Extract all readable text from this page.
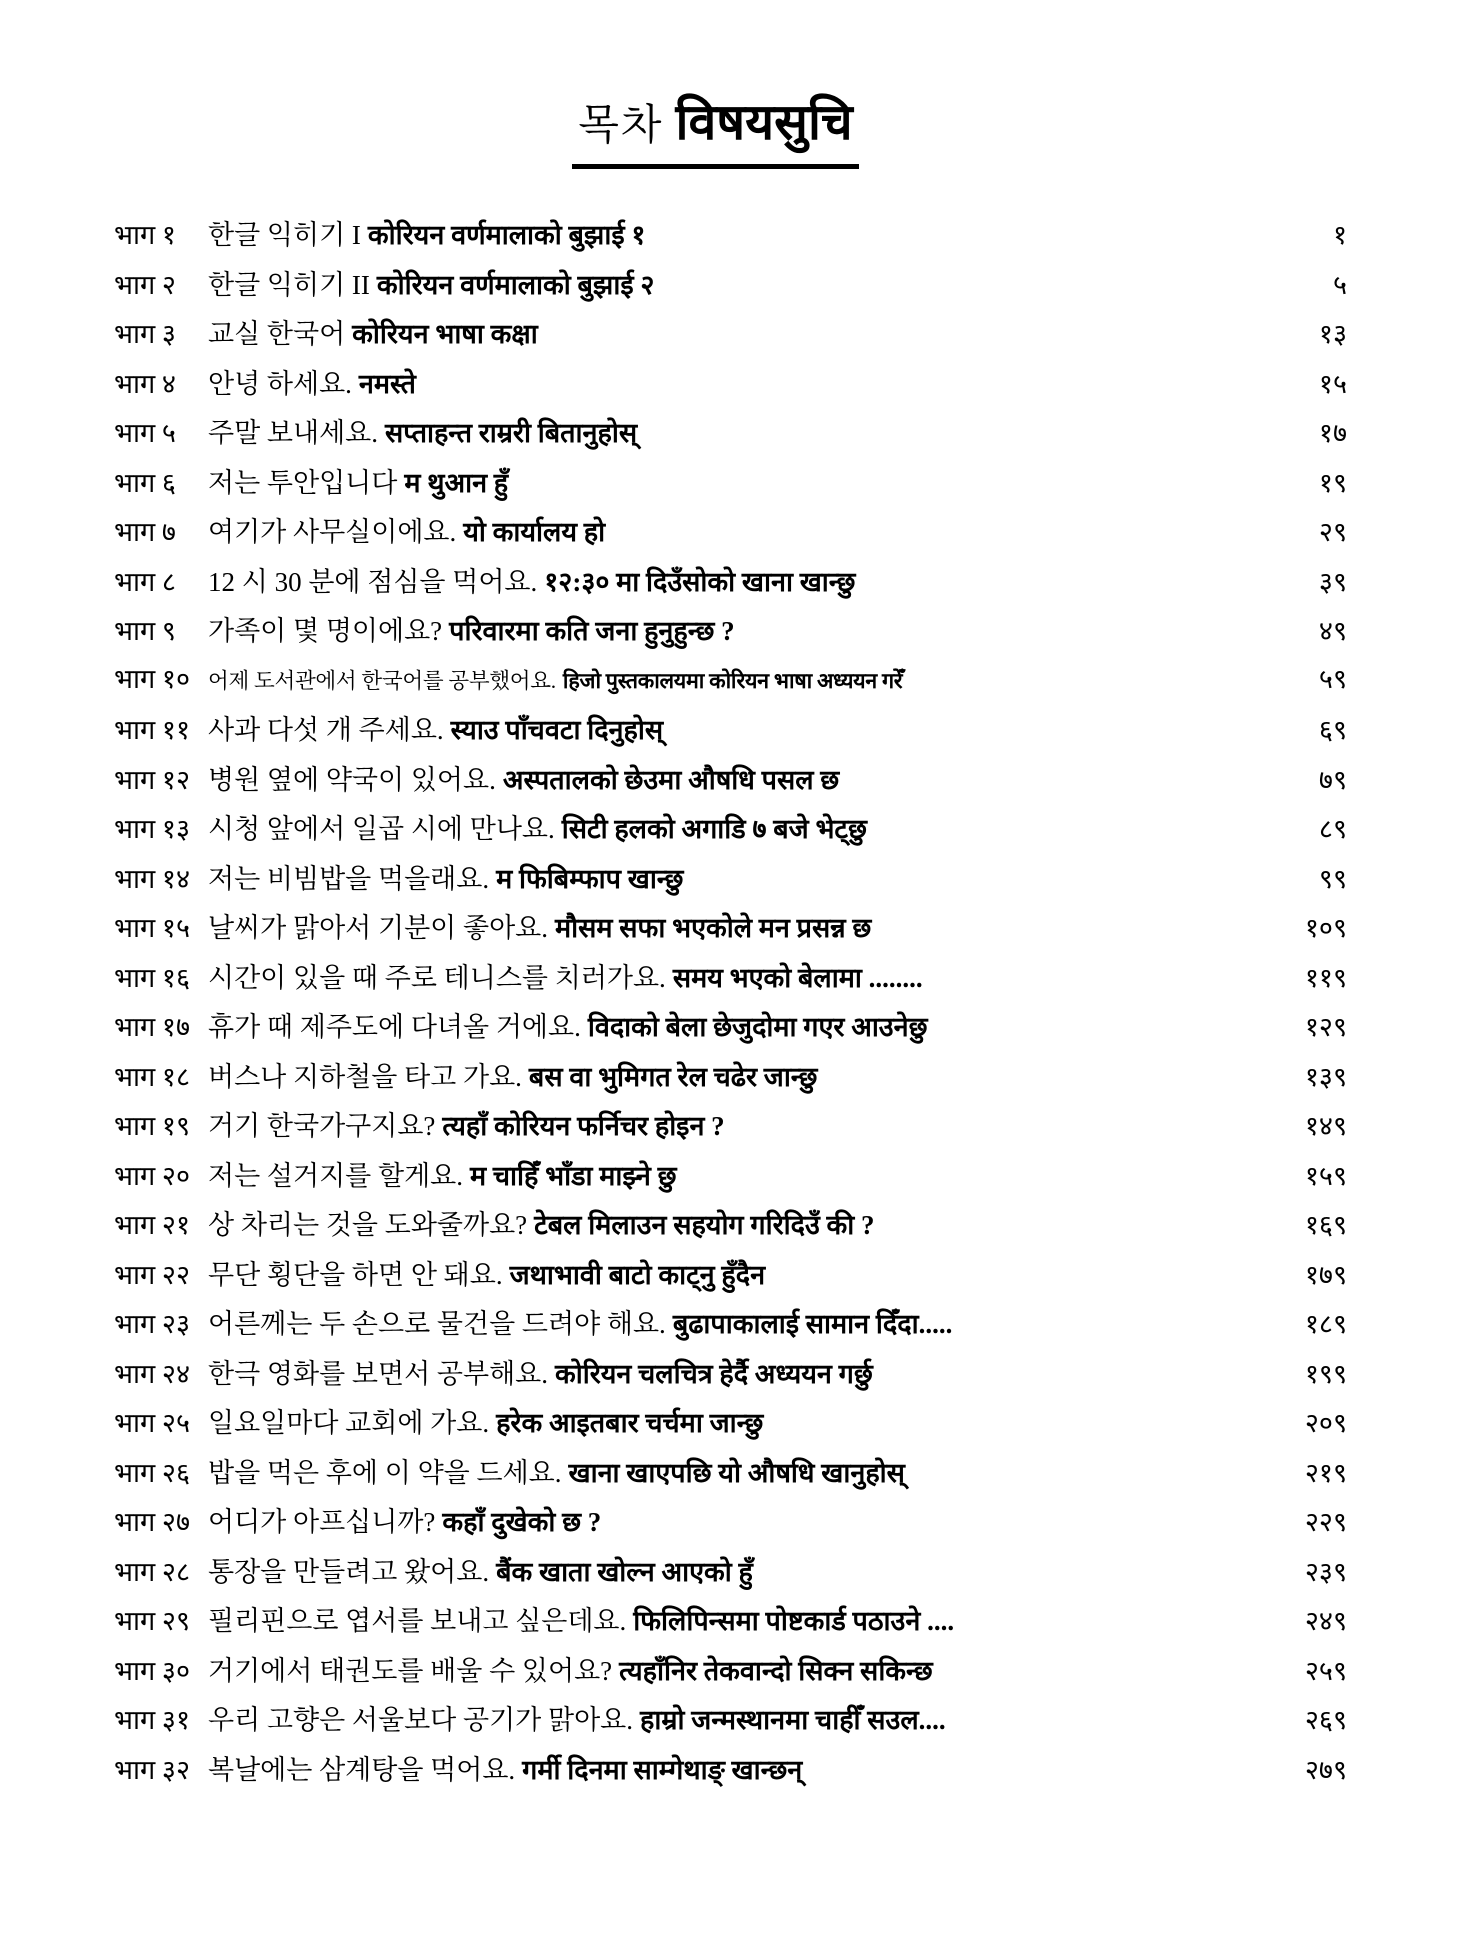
목차 विषयसुचि
भाग १	한글 익히기 I कोरियन वर्णमालाको बुझाई १	१
भाग २	한글 익히기 II कोरियन वर्णमालाको बुझाई २	५
भाग ३	교실 한국어 कोरियन भाषा कक्षा	१३
भाग ४	안녕 하세요. नमस्ते	१५
भाग ५	주말 보내세요. सप्ताहन्त राम्ररी बितानुहोस्	१७
भाग ६	저는 투안입니다 म थुआन हुँ	१९
भाग ७	여기가 사무실이에요. यो कार्यालय हो	२९
भाग ८	12 시 30 분에 점심을 먹어요. १२:३० मा दिउँसोको खाना खान्छु	३९
भाग ९	가족이 몇 명이에요? परिवारमा कति जना हुनुहुन्छ ?	४९
भाग १० 어제 도서관에서 한국어를 공부했어요. हिजो पुस्तकालयमा कोरियन भाषा अध्ययन गरेँ	५९
भाग ११ 사과 다섯 개 주세요. स्याउ पाँचवटा दिनुहोस्	६९
भाग १२ 병원 옆에 약국이 있어요. अस्पतालको छेउमा औषधि पसल छ	७९
भाग १३ 시청 앞에서 일곱 시에 만나요. सिटी हलको अगाडि ७ बजे भेट्छु	८९
भाग १४ 저는 비빔밥을 먹을래요. म फिबिम्फाप खान्छु	९९
भाग १५ 날씨가 맑아서 기분이 좋아요. मौसम सफा भएकोले मन प्रसन्न छ	१०९
भाग १६ 시간이 있을 때 주로 테니스를 치러가요. समय भएको बेलामा ........	११९
भाग १७ 휴가 때 제주도에 다녀올 거에요. विदाको बेला छेजुदोमा गएर आउनेछु	१२९
भाग १८ 버스나 지하철을 타고 가요. बस वा भुमिगत रेल चढेर जान्छु	१३९
भाग १९ 거기 한국가구지요? त्यहाँ कोरियन फर्निचर होइन ?	१४९
भाग २० 저는 설거지를 할게요. म चाहिँ भाँडा माझ्ने छु	१५९
भाग २१ 상 차리는 것을 도와줄까요? टेबल मिलाउन सहयोग गरिदिउँ की ?	१६९
भाग २२ 무단 횡단을 하면 안 돼요. जथाभावी बाटो काट्नु हुँदैन	१७९
भाग २३ 어른께는 두 손으로 물건을 드려야 해요. बुढापाकालाई सामान दिँदा.....	१८९
भाग २४ 한극 영화를 보면서 공부해요. कोरियन चलचित्र हेर्दै अध्ययन गर्छु	१९९
भाग २५ 일요일마다 교회에 가요. हरेक आइतबार चर्चमा जान्छु	२०९
भाग २६ 밥을 먹은 후에 이 약을 드세요. खाना खाएपछि यो औषधि खानुहोस्	२१९
भाग २७ 어디가 아프십니까? कहाँ दुखेको छ ?	२२९
भाग २८ 통장을 만들려고 왔어요. बैंक खाता खोल्न आएको हुँ	२३९
भाग २९ 필리핀으로 엽서를 보내고 싶은데요. फिलिपिन्समा पोष्टकार्ड पठाउने ....	२४९
भाग ३० 거기에서 태권도를 배울 수 있어요? त्यहाँनिर तेकवान्दो सिक्न सकिन्छ	२५९
भाग ३१ 우리 고향은 서울보다 공기가 맑아요. हाम्रो जन्मस्थानमा चाहीँ सउल....	२६९
भाग ३२ 복날에는 삼계탕을 먹어요. गर्मी दिनमा साम्गेथाङ् खान्छन्	२७९
